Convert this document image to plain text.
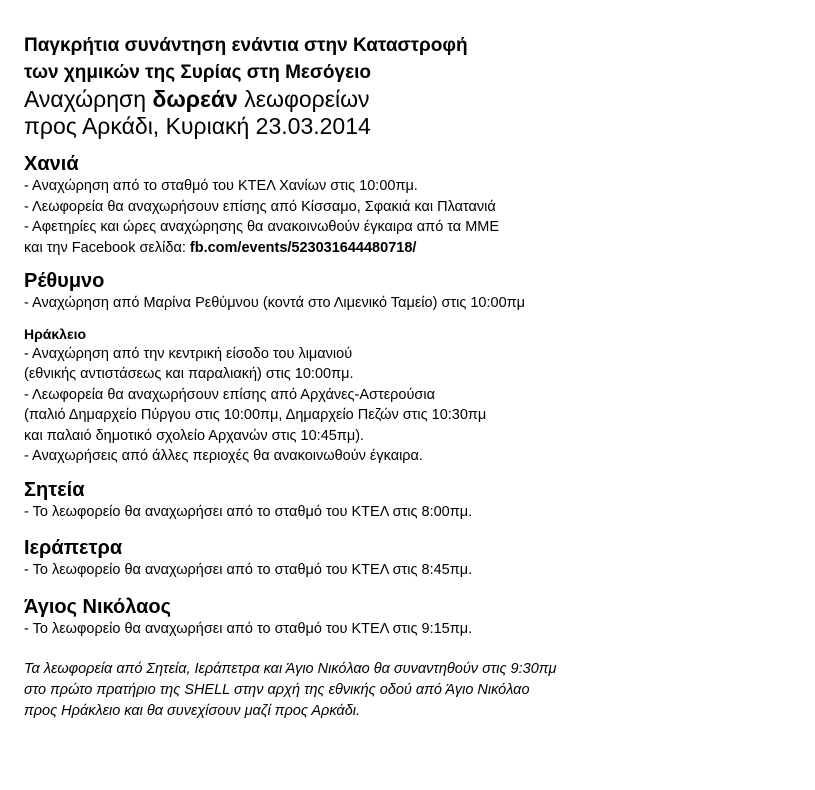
Παγκρήτια συνάντηση ενάντια στην Καταστροφή
των χημικών της Συρίας στη Μεσόγειο
Αναχώρηση δωρεάν λεωφορείων
προς Αρκάδι, Κυριακή 23.03.2014
Χανιά
- Αναχώρηση από το σταθμό του ΚΤΕΛ Χανίων στις 10:00πμ.
- Λεωφορεία θα αναχωρήσουν επίσης από Κίσσαμο, Σφακιά και Πλατανιά
- Αφετηρίες και ώρες αναχώρησης θα ανακοινωθούν έγκαιρα από τα ΜΜΕ
και την Facebook σελίδα: fb.com/events/523031644480718/
Ρέθυμνο
- Αναχώρηση από Μαρίνα Ρεθύμνου (κοντά στο Λιμενικό Ταμείο) στις 10:00πμ
Ηράκλειο
- Αναχώρηση από την κεντρική είσοδο του λιμανιού
(εθνικής αντιστάσεως και παραλιακή) στις 10:00πμ.
- Λεωφορεία θα αναχωρήσουν επίσης από Αρχάνες-Αστερούσια
(παλιό Δημαρχείο Πύργου στις 10:00πμ, Δημαρχείο Πεζών στις 10:30πμ
και παλαιό δημοτικό σχολείο Αρχανών στις 10:45πμ).
- Αναχωρήσεις από άλλες περιοχές θα ανακοινωθούν έγκαιρα.
Σητεία
- Το λεωφορείο θα αναχωρήσει από το σταθμό του ΚΤΕΛ στις 8:00πμ.
Ιεράπετρα
- Το λεωφορείο θα αναχωρήσει από το σταθμό του ΚΤΕΛ στις 8:45πμ.
Άγιος Νικόλαος
- Το λεωφορείο θα αναχωρήσει από το σταθμό του ΚΤΕΛ στις 9:15πμ.
Τα λεωφορεία από Σητεία, Ιεράπετρα και Άγιο Νικόλαο θα συναντηθούν στις 9:30πμ
στο πρώτο πρατήριο της SHELL στην αρχή της εθνικής οδού από Άγιο Νικόλαο
προς Ηράκλειο και θα συνεχίσουν μαζί προς Αρκάδι.
